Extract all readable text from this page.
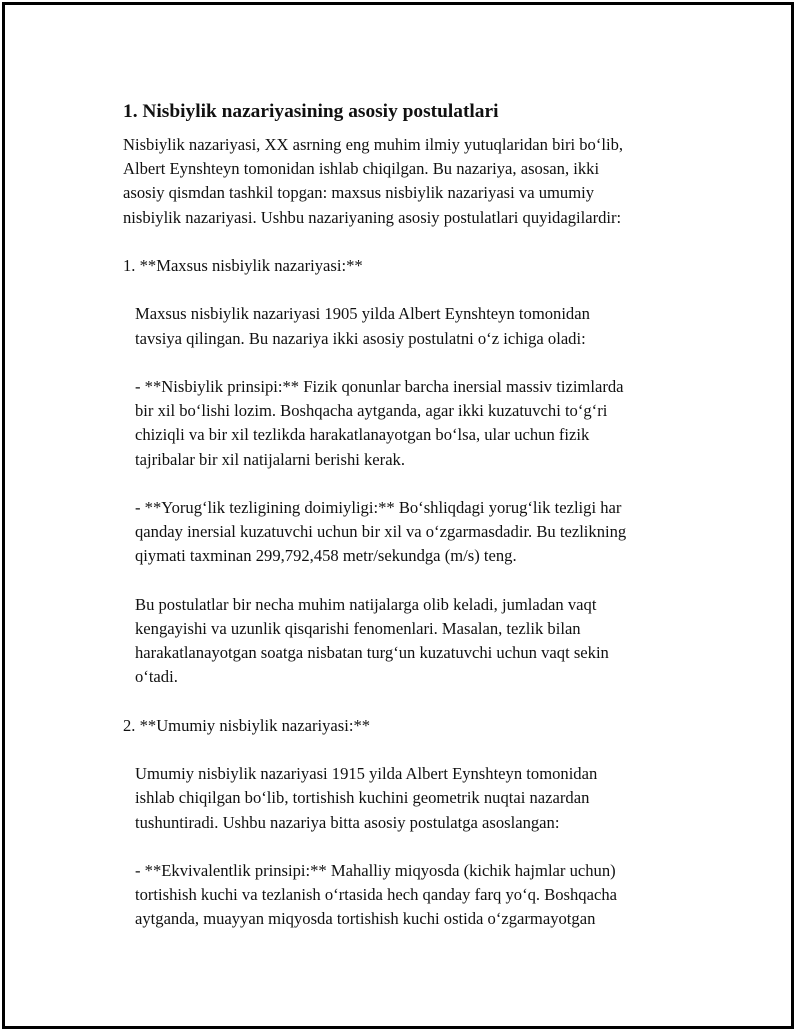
1. Nisbiylik nazariyasining asosiy postulatlari
Nisbiylik nazariyasi, XX asrning eng muhim ilmiy yutuqlaridan biri bo‘lib,
Albert Eynshteyn tomonidan ishlab chiqilgan. Bu nazariya, asosan, ikki
asosiy qismdan tashkil topgan: maxsus nisbiylik nazariyasi va umumiy
nisbiylik nazariyasi. Ushbu nazariyaning asosiy postulatlari quyidagilardir:
1. **Maxsus nisbiylik nazariyasi:**
Maxsus nisbiylik nazariyasi 1905 yilda Albert Eynshteyn tomonidan
tavsiya qilingan. Bu nazariya ikki asosiy postulatni o‘z ichiga oladi:
- **Nisbiylik prinsipi:** Fizik qonunlar barcha inersial massiv tizimlarda
bir xil bo‘lishi lozim. Boshqacha aytganda, agar ikki kuzatuvchi to‘g‘ri
chiziqli va bir xil tezlikda harakatlanayotgan bo‘lsa, ular uchun fizik
tajribalar bir xil natijalarni berishi kerak.
- **Yorug‘lik tezligining doimiyligi:** Bo‘shliqdagi yorug‘lik tezligi har
qanday inersial kuzatuvchi uchun bir xil va o‘zgarmasdadir. Bu tezlikning
qiymati taxminan 299,792,458 metr/sekundga (m/s) teng.
Bu postulatlar bir necha muhim natijalarga olib keladi, jumladan vaqt
kengayishi va uzunlik qisqarishi fenomenlari. Masalan, tezlik bilan
harakatlanayotgan soatga nisbatan turg‘un kuzatuvchi uchun vaqt sekin
o‘tadi.
2. **Umumiy nisbiylik nazariyasi:**
Umumiy nisbiylik nazariyasi 1915 yilda Albert Eynshteyn tomonidan
ishlab chiqilgan bo‘lib, tortishish kuchini geometrik nuqtai nazardan
tushuntiradi. Ushbu nazariya bitta asosiy postulatga asoslangan:
- **Ekvivalentlik prinsipi:** Mahalliy miqyosda (kichik hajmlar uchun)
tortishish kuchi va tezlanish o‘rtasida hech qanday farq yo‘q. Boshqacha
aytganda, muayyan miqyosda tortishish kuchi ostida o‘zgarmayotgan
